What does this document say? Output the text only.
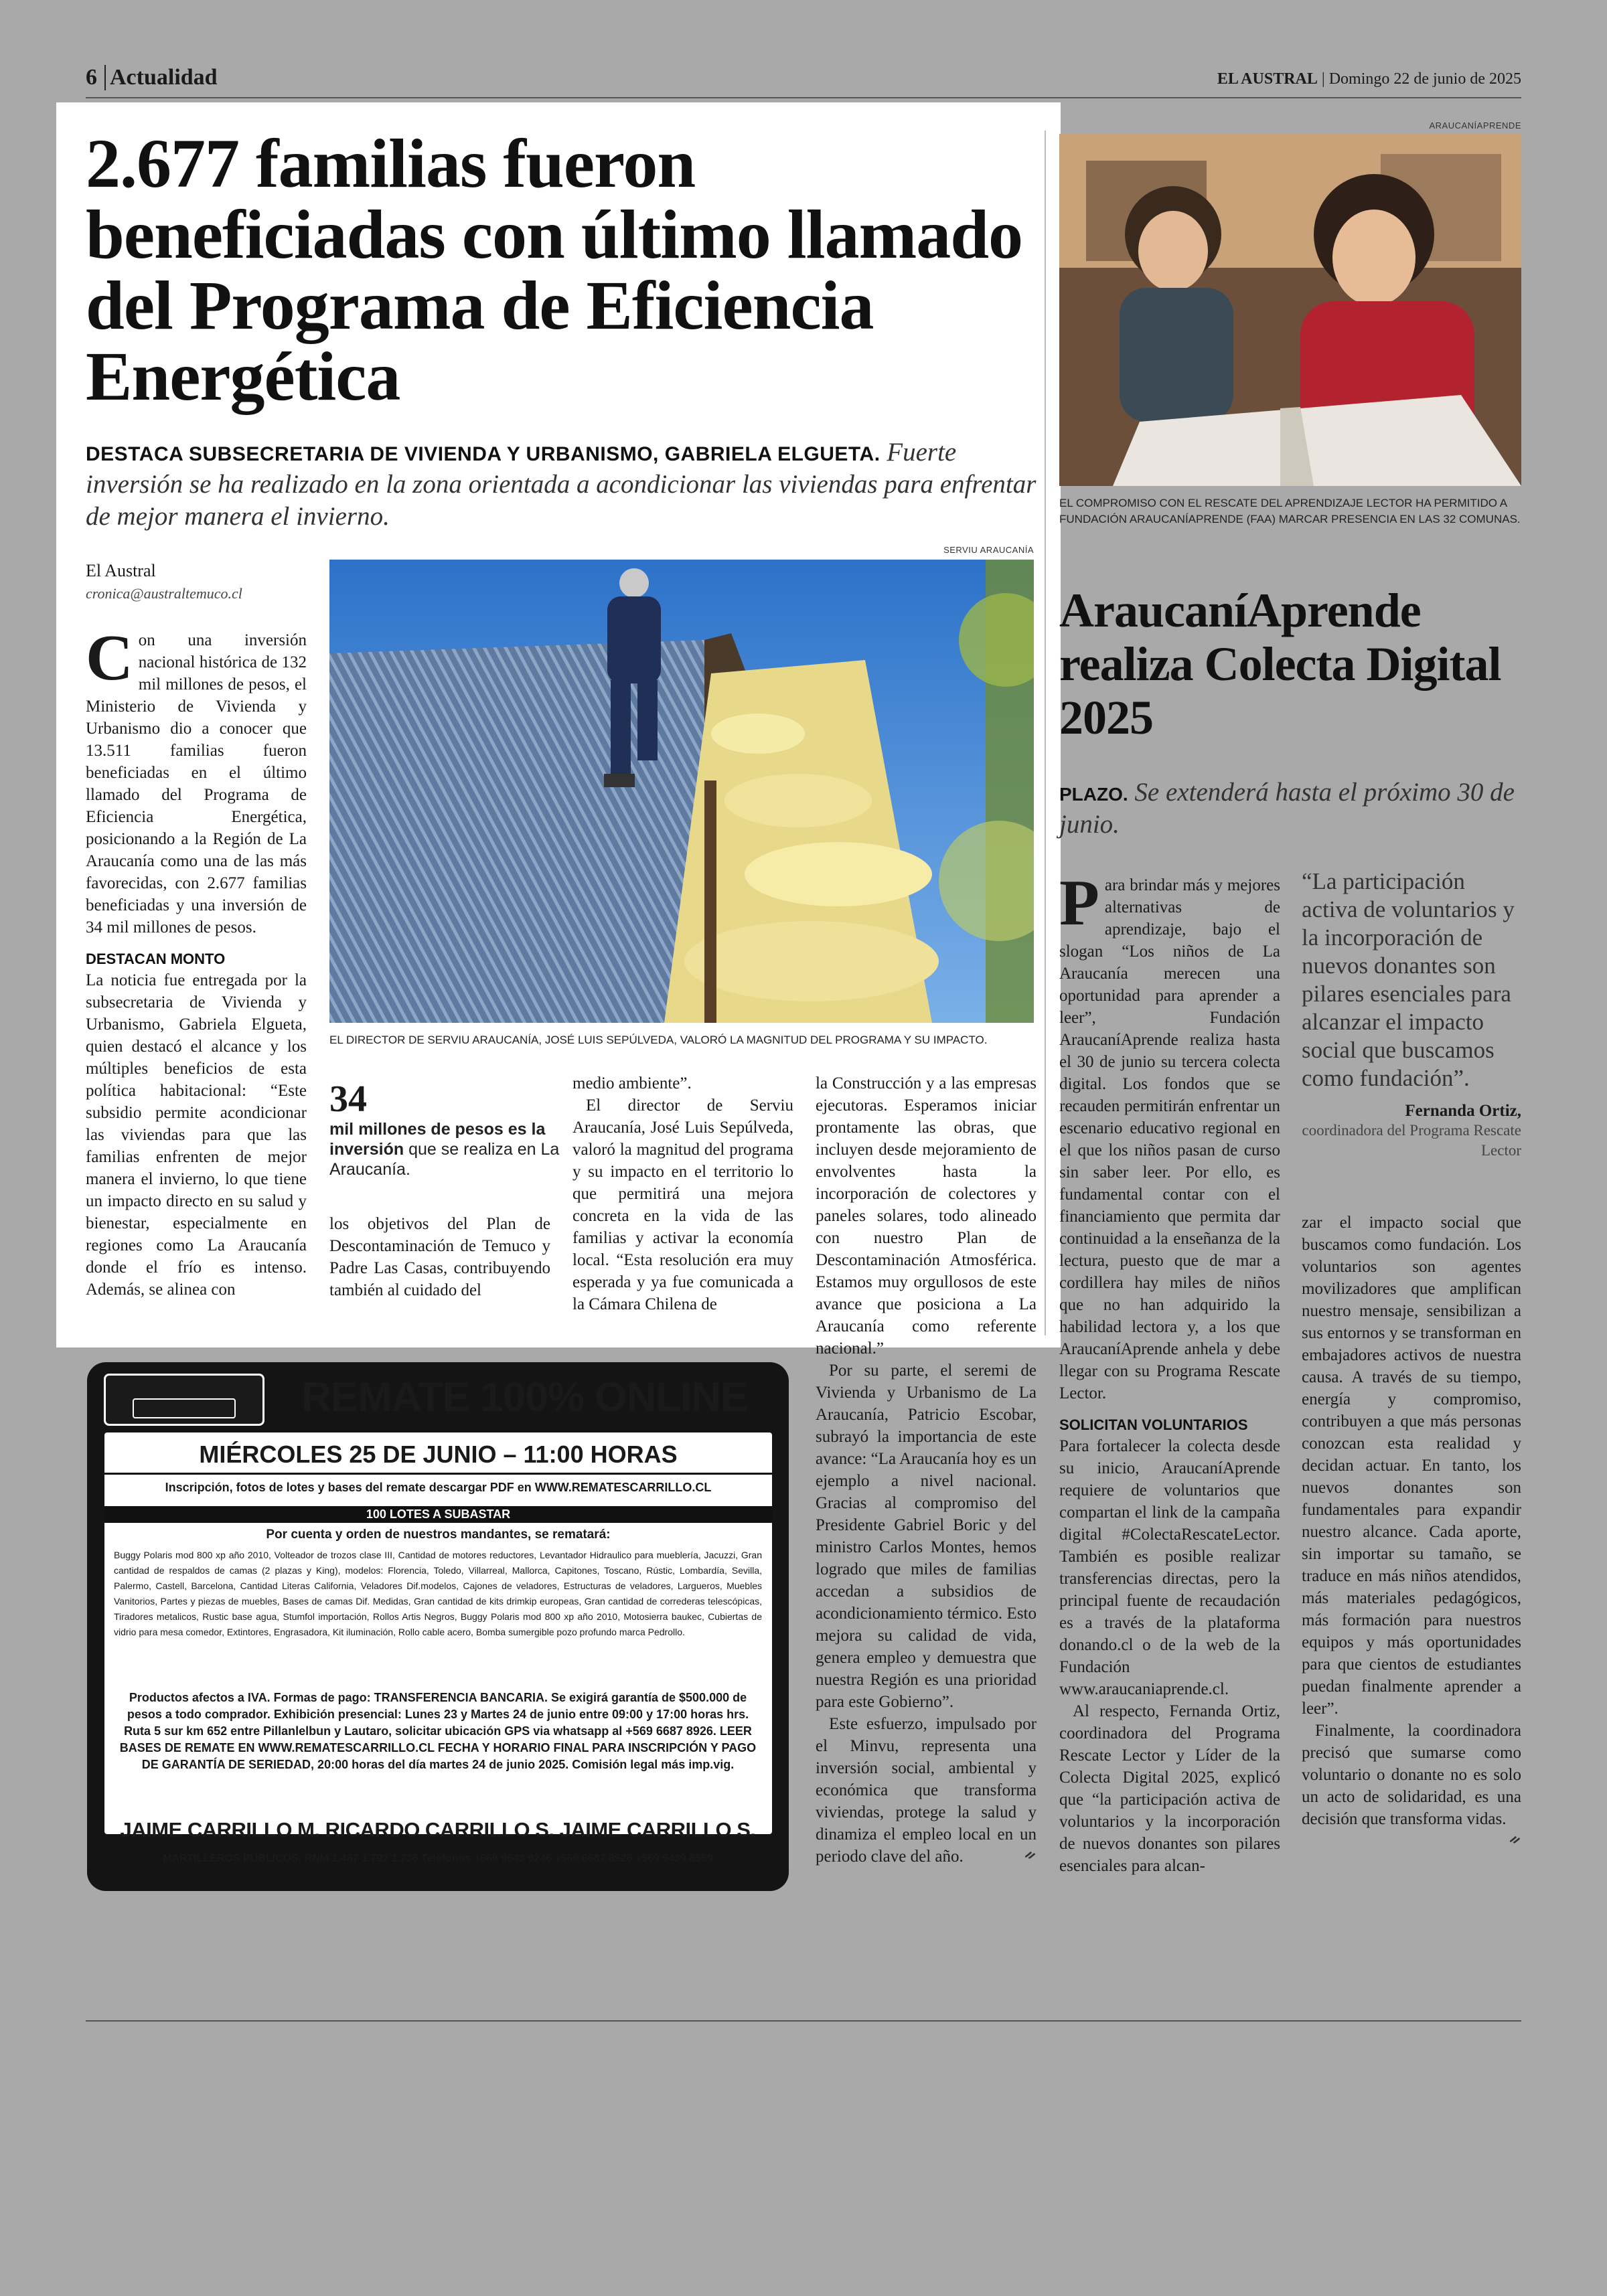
6 Actualidad	EL AUSTRAL | Domingo 22 de junio de 2025
2.677 familias fueron beneficiadas con último llamado del Programa de Eficiencia Energética

DESTACA SUBSECRETARIA DE VIVIENDA Y URBANISMO, GABRIELA ELGUETA. Fuerte inversión se ha realizado en la zona orientada a acondicionar las viviendas para enfrentar de mejor manera el invierno.

El Austral
cronica@australtemuco.cl

Con una inversión nacional histórica de 132 mil millones de pesos, el Ministerio de Vivienda y Urbanismo dio a conocer que 13.511 familias fueron beneficiadas en el último llamado del Programa de Eficiencia Energética, posicionando a la Región de La Araucanía como una de las más favorecidas, con 2.677 familias beneficiadas y una inversión de 34 mil millones de pesos.

DESTACAN MONTO

La noticia fue entregada por la subsecretaria de Vivienda y Urbanismo, Gabriela Elgueta, quien destacó el alcance y los múltiples beneficios de esta política habitacional: “Este subsidio permite acondicionar las viviendas para que las familias enfrenten de mejor manera el invierno, lo que tiene un impacto directo en su salud y bienestar, especialmente en regiones como La Araucanía donde el frío es intenso. Además, se alinea con

SERVIU ARAUCANÍA
EL DIRECTOR DE SERVIU ARAUCANÍA, JOSÉ LUIS SEPÚLVEDA, VALORÓ LA MAGNITUD DEL PROGRAMA Y SU IMPACTO.
34
mil millones de pesos es la inversión que se realiza en La Araucanía.

los objetivos del Plan de Descontaminación de Temuco y Padre Las Casas, contribuyendo también al cuidado del

medio ambiente”.

El director de Serviu Araucanía, José Luis Sepúlveda, valoró la magnitud del programa y su impacto en el territorio lo que permitirá una mejora concreta en la vida de las familias y activar la economía local. “Esta resolución era muy esperada y ya fue comunicada a la Cámara Chilena de

la Construcción y a las empresas ejecutoras. Esperamos iniciar prontamente las obras, que incluyen desde mejoramiento de envolventes hasta la incorporación de colectores y paneles solares, todo alineado con nuestro Plan de Descontaminación Atmosférica. Estamos muy orgullosos de este avance que posiciona a La Araucanía como referente nacional.”

Por su parte, el seremi de Vivienda y Urbanismo de La Araucanía, Patricio Escobar, subrayó la importancia de este avance: “La Araucanía hoy es un ejemplo a nivel nacional. Gracias al compromiso del Presidente Gabriel Boric y del ministro Carlos Montes, hemos logrado que miles de familias accedan a subsidios de acondicionamiento térmico. Esto mejora su calidad de vida, genera empleo y demuestra que nuestra Región es una prioridad para este Gobierno”.

Este esfuerzo, impulsado por el Minvu, representa una inversión social, ambiental y económica que transforma viviendas, protege la salud y dinamiza el empleo local en un periodo clave del año.	ᨀ

REMATES
CARRILLO REMATE 100% ONLINE
MIÉRCOLES 25 DE JUNIO – 11:00 HORAS
Inscripción, fotos de lotes y bases del remate descargar PDF en WWW.REMATESCARRILLO.CL
100 LOTES A SUBASTAR
Por cuenta y orden de nuestros mandantes, se rematará:
Buggy Polaris mod 800 xp año 2010, Volteador de trozos clase III, Cantidad de motores reductores, Levantador Hidraulico para mueblería, Jacuzzi, Gran cantidad de respaldos de camas (2 plazas y King), modelos: Florencia, Toledo, Villarreal, Mallorca, Capitones, Toscano, Rústic, Lombardía, Sevilla, Palermo, Castell, Barcelona, Cantidad Literas California, Veladores Dif.modelos, Cajones de veladores, Estructuras de veladores, Largueros, Muebles Vanitorios, Partes y piezas de muebles, Bases de camas Dif. Medidas, Gran cantidad de kits drimkip europeas, Gran cantidad de correderas telescópicas, Tiradores metalicos, Rustic base agua, Stumfol importación, Rollos Artis Negros, Buggy Polaris mod 800 xp año 2010, Motosierra baukec, Cubiertas de vidrio para mesa comedor, Extintores, Engrasadora, Kit iluminación, Rollo cable acero, Bomba sumergible pozo profundo marca Pedrollo.
Productos afectos a IVA. Formas de pago: TRANSFERENCIA BANCARIA. Se exigirá garantía de $500.000 de pesos a todo comprador. Exhibición presencial: Lunes 23 y Martes 24 de junio entre 09:00 y 17:00 horas hrs. Ruta 5 sur km 652 entre Pillanlelbun y Lautaro, solicitar ubicación GPS via whatsapp al +569 6687 8926. LEER BASES DE REMATE EN WWW.REMATESCARRILLO.CL FECHA Y HORARIO FINAL PARA INSCRIPCIÓN Y PAGO DE GARANTÍA DE SERIEDAD, 20:00 horas del día martes 24 de junio 2025. Comisión legal más imp.vig.
JAIME CARRILLO M. RICARDO CARRILLO S. JAIME CARRILLO S.
MARTILLEROS PÚBLICOS, RNM 1.487 1.792 1.736 Teléfonos +569 9643 9246 +569 6687 8926 +569 9439 8559
ARAUCANÍAPRENDE
EL COMPROMISO CON EL RESCATE DEL APRENDIZAJE LECTOR HA PERMITIDO A FUNDACIÓN ARAUCANÍAPRENDE (FAA) MARCAR PRESENCIA EN LAS 32 COMUNAS.
AraucaníAprende realiza Colecta Digital 2025

PLAZO. Se extenderá hasta el próximo 30 de junio.

Para brindar más y mejores alternativas de aprendizaje, bajo el slogan “Los niños de La Araucanía merecen una oportunidad para aprender a leer”, Fundación AraucaníAprende realiza hasta el 30 de junio su tercera colecta digital. Los fondos que se recauden permitirán enfrentar un escenario educativo regional en el que los niños pasan de curso sin saber leer. Por ello, es fundamental contar con el financiamiento que permita dar continuidad a la enseñanza de la lectura, puesto que de mar a cordillera hay miles de niños que no han adquirido la habilidad lectora y, a los que AraucaníAprende anhela y debe llegar con su Programa Rescate Lector.

SOLICITAN VOLUNTARIOS

Para fortalecer la colecta desde su inicio, AraucaníAprende requiere de voluntarios que compartan el link de la campaña digital #ColectaRescateLector. También es posible realizar transferencias directas, pero la principal fuente de recaudación es a través de la plataforma donando.cl o de la web de la Fundación www.araucaniaprende.cl.

Al respecto, Fernanda Ortiz, coordinadora del Programa Rescate Lector y Líder de la Colecta Digital 2025, explicó que “la participación activa de voluntarios y la incorporación de nuevos donantes son pilares esenciales para alcan-

“La participación activa de voluntarios y la incorporación de nuevos donantes son pilares esenciales para alcanzar el impacto social que buscamos como fundación”.
Fernanda Ortiz,
coordinadora del Programa Rescate Lector

zar el impacto social que buscamos como fundación. Los voluntarios son agentes movilizadores que amplifican nuestro mensaje, sensibilizan a sus entornos y se transforman en embajadores activos de nuestra causa. A través de su tiempo, energía y compromiso, contribuyen a que más personas conozcan esta realidad y decidan actuar. En tanto, los nuevos donantes son fundamentales para expandir nuestro alcance. Cada aporte, sin importar su tamaño, se traduce en más niños atendidos, más materiales pedagógicos, más formación para nuestros equipos y más oportunidades para que cientos de estudiantes puedan finalmente aprender a leer”.

Finalmente, la coordinadora precisó que sumarse como voluntario o donante no es solo un acto de solidaridad, es una decisión que transforma vidas.
ᨀ
